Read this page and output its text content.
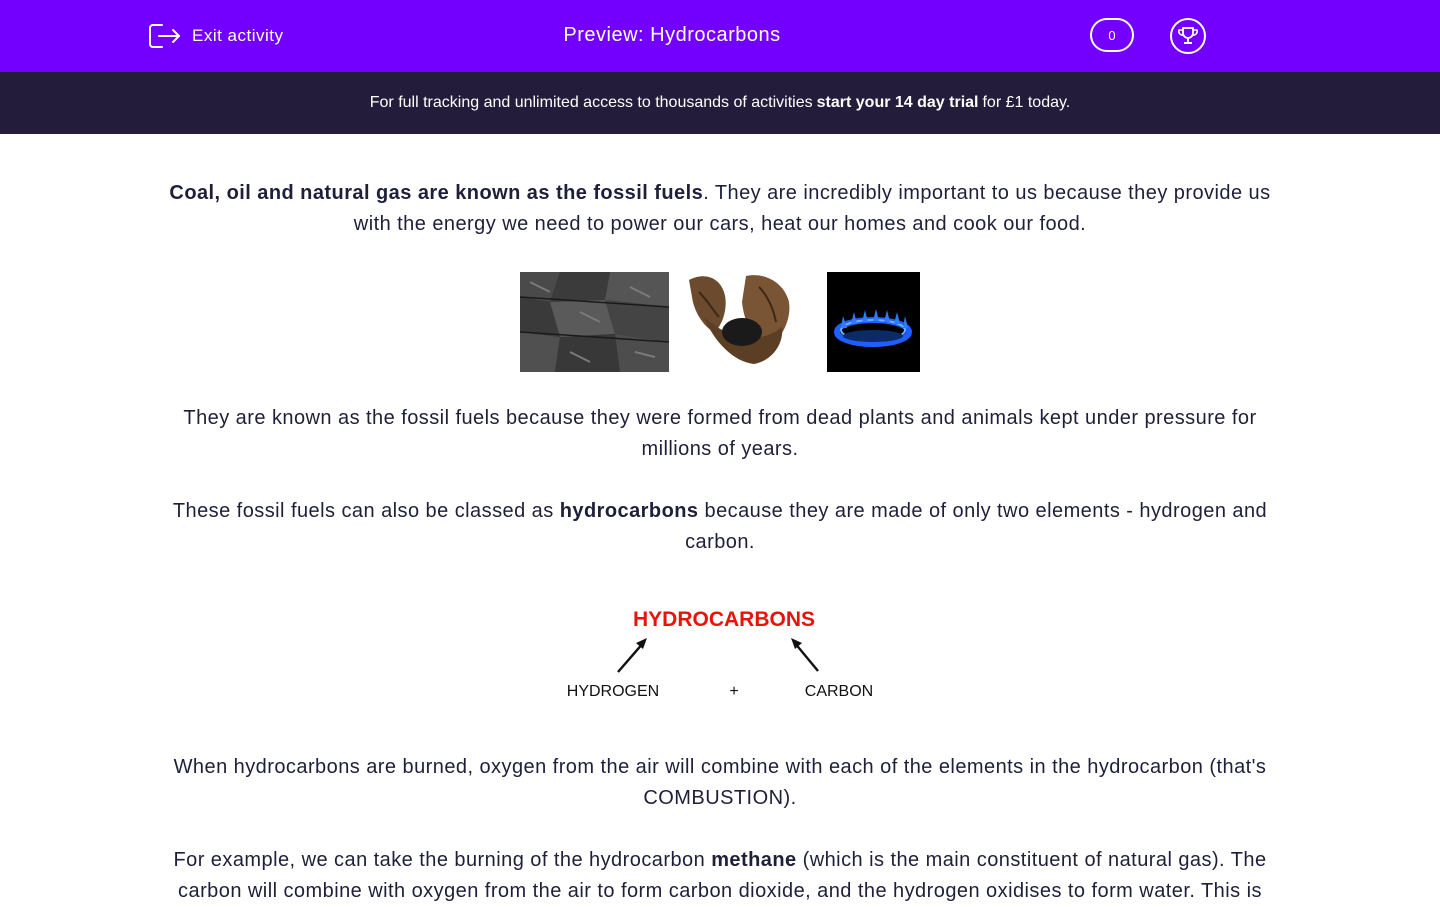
Exit activity	Preview: Hydrocarbons	0
For full tracking and unlimited access to thousands of activities start your 14 day trial for £1 today.

Coal, oil and natural gas are known as the fossil fuels. They are incredibly important to us because they provide us with the energy we need to power our cars, heat our homes and cook our food.

They are known as the fossil fuels because they were formed from dead plants and animals kept under pressure for millions of years.

These fossil fuels can also be classed as hydrocarbons because they are made of only two elements - hydrogen and carbon.

HYDROCARBONS
HYDROGEN	+	CARBON

When hydrocarbons are burned, oxygen from the air will combine with each of the elements in the hydrocarbon (that's COMBUSTION).

For example, we can take the burning of the hydrocarbon methane (which is the main constituent of natural gas). The carbon will combine with oxygen from the air to form carbon dioxide, and the hydrogen oxidises to form water. This is
